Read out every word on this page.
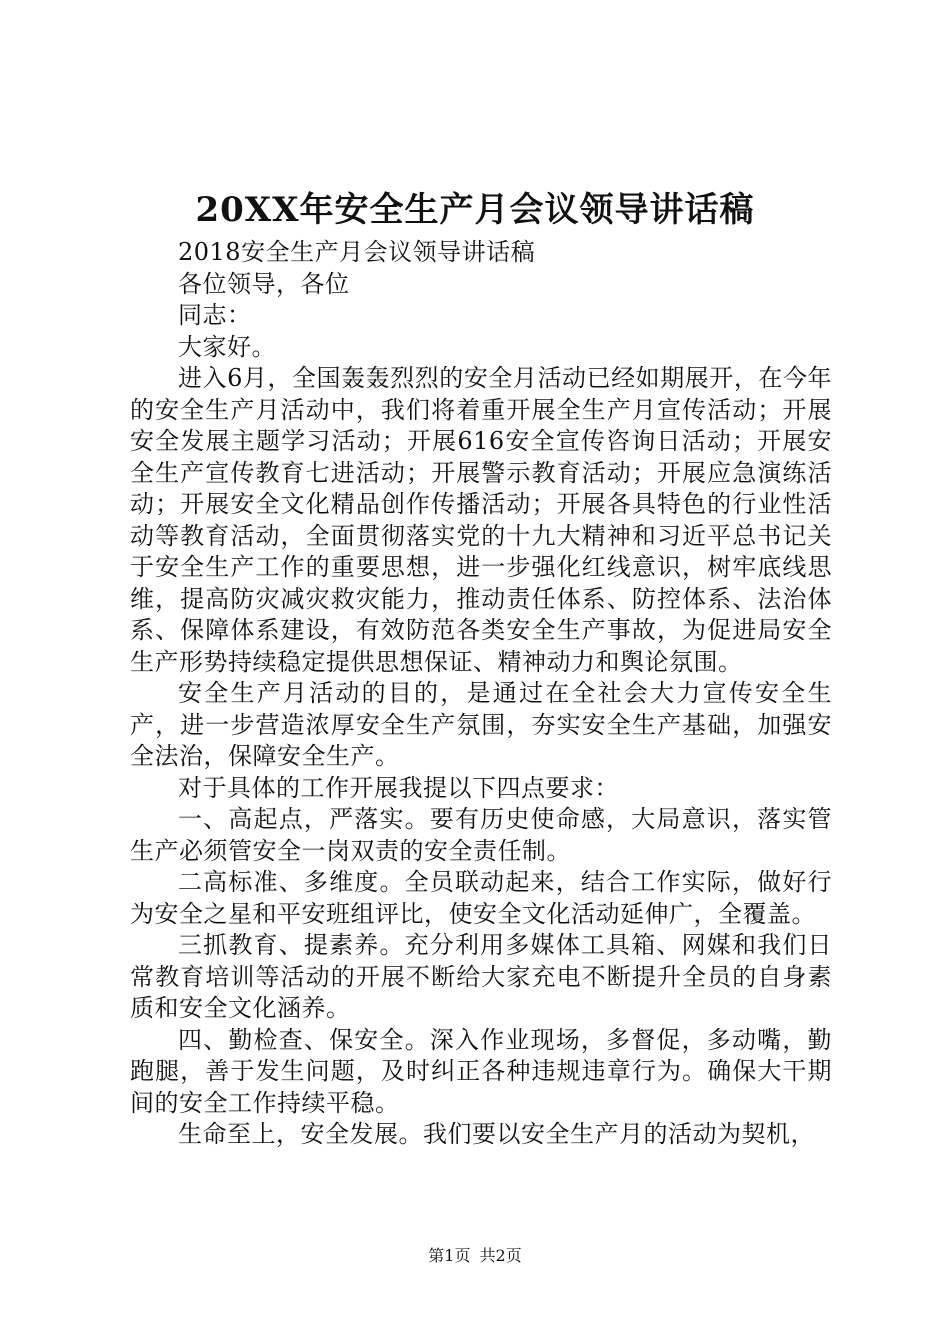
20XX年安全生产月会议领导讲话稿

2018安全生产月会议领导讲话稿

各位领导，各位

同志：

大家好。

进入6月，全国轰轰烈烈的安全月活动已经如期展开，在今年的安全生产月活动中，我们将着重开展全生产月宣传活动；开展安全发展主题学习活动；开展616安全宣传咨询日活动；开展安全生产宣传教育七进活动；开展警示教育活动；开展应急演练活动；开展安全文化精品创作传播活动；开展各具特色的行业性活动等教育活动，全面贯彻落实党的十九大精神和习近平总书记关于安全生产工作的重要思想，进一步强化红线意识，树牢底线思维，提高防灾减灾救灾能力，推动责任体系、防控体系、法治体系、保障体系建设，有效防范各类安全生产事故，为促进局安全生产形势持续稳定提供思想保证、精神动力和舆论氛围。

安全生产月活动的目的，是通过在全社会大力宣传安全生产，进一步营造浓厚安全生产氛围，夯实安全生产基础，加强安全法治，保障安全生产。

对于具体的工作开展我提以下四点要求：

一、高起点，严落实。要有历史使命感，大局意识，落实管生产必须管安全一岗双责的安全责任制。

二高标准、多维度。全员联动起来，结合工作实际，做好行为安全之星和平安班组评比，使安全文化活动延伸广，全覆盖。

三抓教育、提素养。充分利用多媒体工具箱、网媒和我们日常教育培训等活动的开展不断给大家充电不断提升全员的自身素质和安全文化涵养。

四、勤检查、保安全。深入作业现场，多督促，多动嘴，勤跑腿，善于发生问题，及时纠正各种违规违章行为。确保大干期间的安全工作持续平稳。

生命至上，安全发展。我们要以安全生产月的活动为契机，

第1页 共2页
